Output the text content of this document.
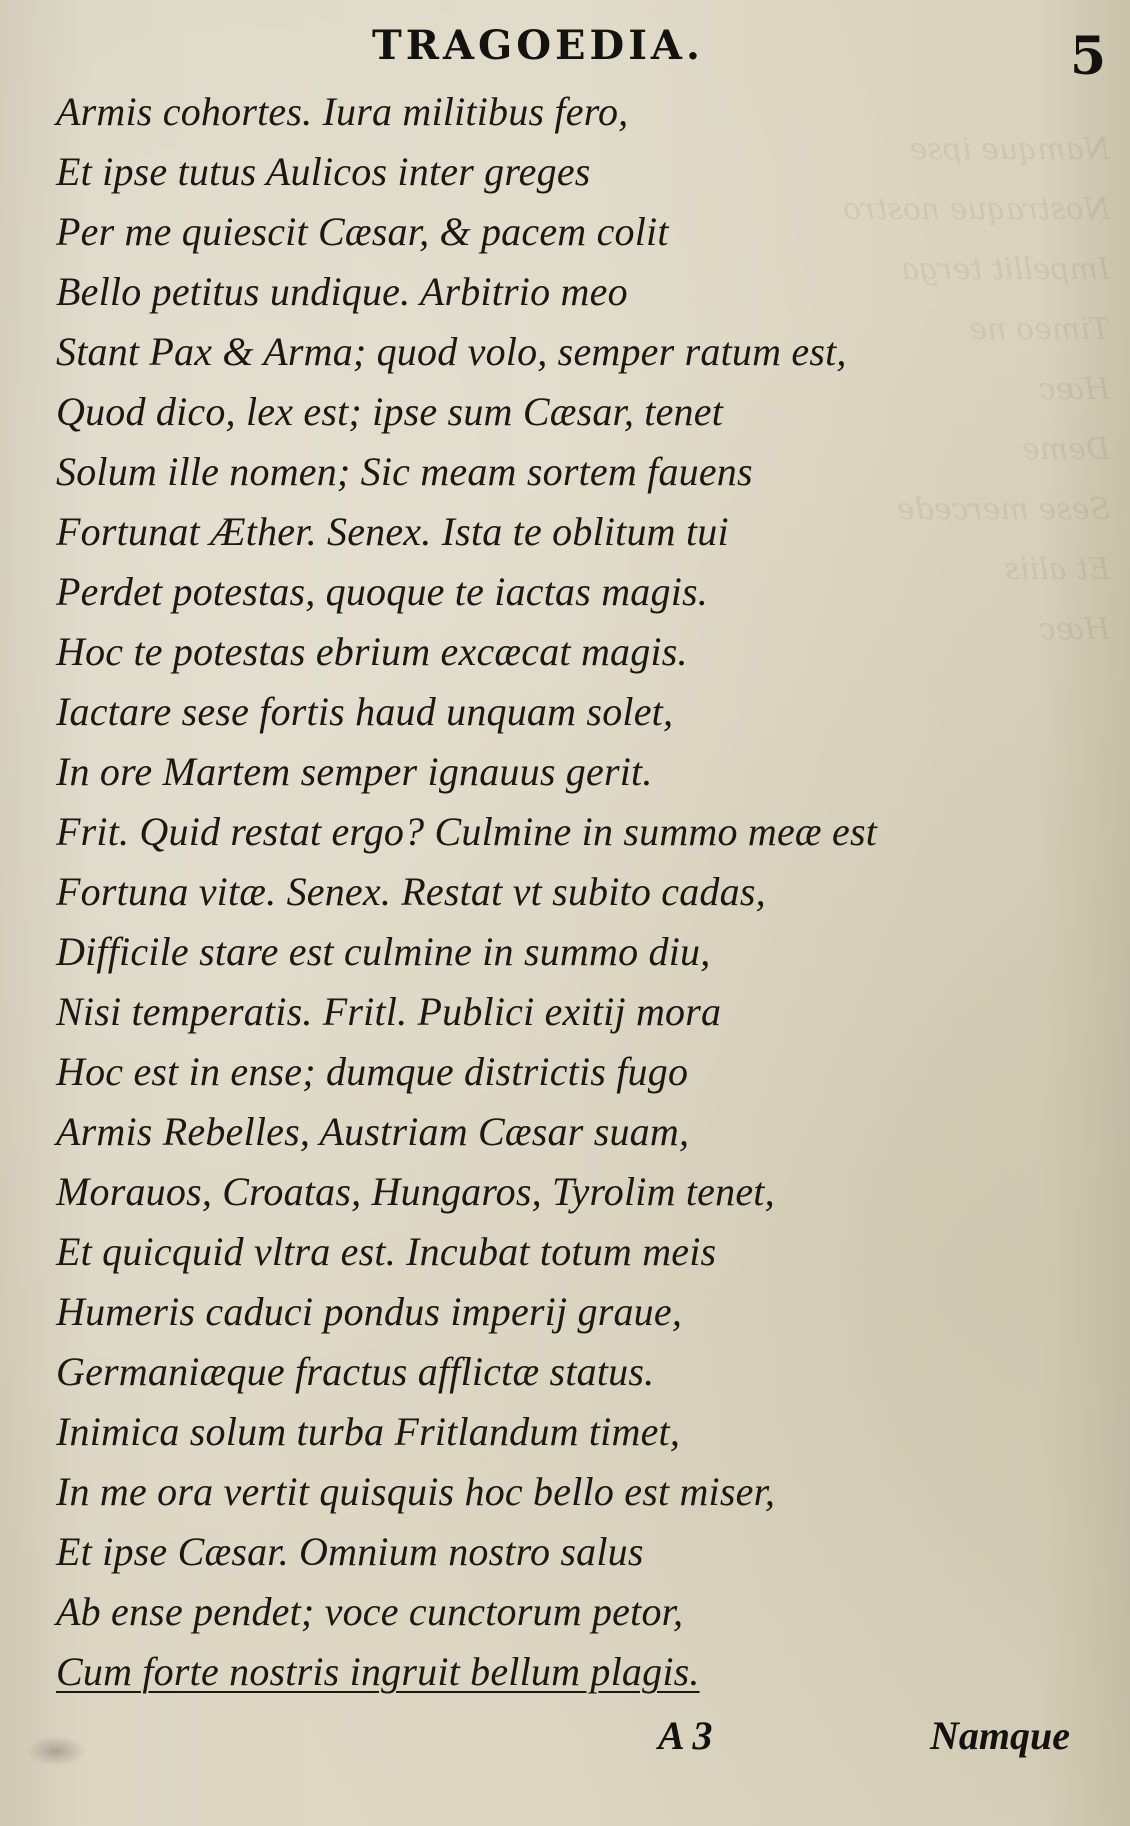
Namque ipse
Nostraque nostro
Impellit terga
Timeo ne
Hæc
Deme
Sese mercede
Et aliis
Hæc
TRAGOEDIA.	5
Armis cohortes. Iura militibus fero,
Et ipse tutus Aulicos inter greges
Per me quiescit Cæsar, & pacem colit
Bello petitus undique. Arbitrio meo
Stant Pax & Arma; quod volo, semper ratum est,
Quod dico, lex est; ipse sum Cæsar, tenet
Solum ille nomen; Sic meam sortem fauens
Fortunat Æther. Senex. Ista te oblitum tui
Perdet potestas, quoque te iactas magis.
Hoc te potestas ebrium excæcat magis.
Iactare sese fortis haud unquam solet,
In ore Martem semper ignauus gerit.
Frit. Quid restat ergo? Culmine in summo meæ est
Fortuna vitæ. Senex. Restat vt subito cadas,
Difficile stare est culmine in summo diu,
Nisi temperatis. Fritl. Publici exitij mora
Hoc est in ense; dumque districtis fugo
Armis Rebelles, Austriam Cæsar suam,
Morauos, Croatas, Hungaros, Tyrolim tenet,
Et quicquid vltra est. Incubat totum meis
Humeris caduci pondus imperij graue,
Germaniæque fractus afflictæ status.
Inimica solum turba Fritlandum timet,
In me ora vertit quisquis hoc bello est miser,
Et ipse Cæsar. Omnium nostro salus
Ab ense pendet; voce cunctorum petor,
Cum forte nostris ingruit bellum plagis.
A 3	Namque
